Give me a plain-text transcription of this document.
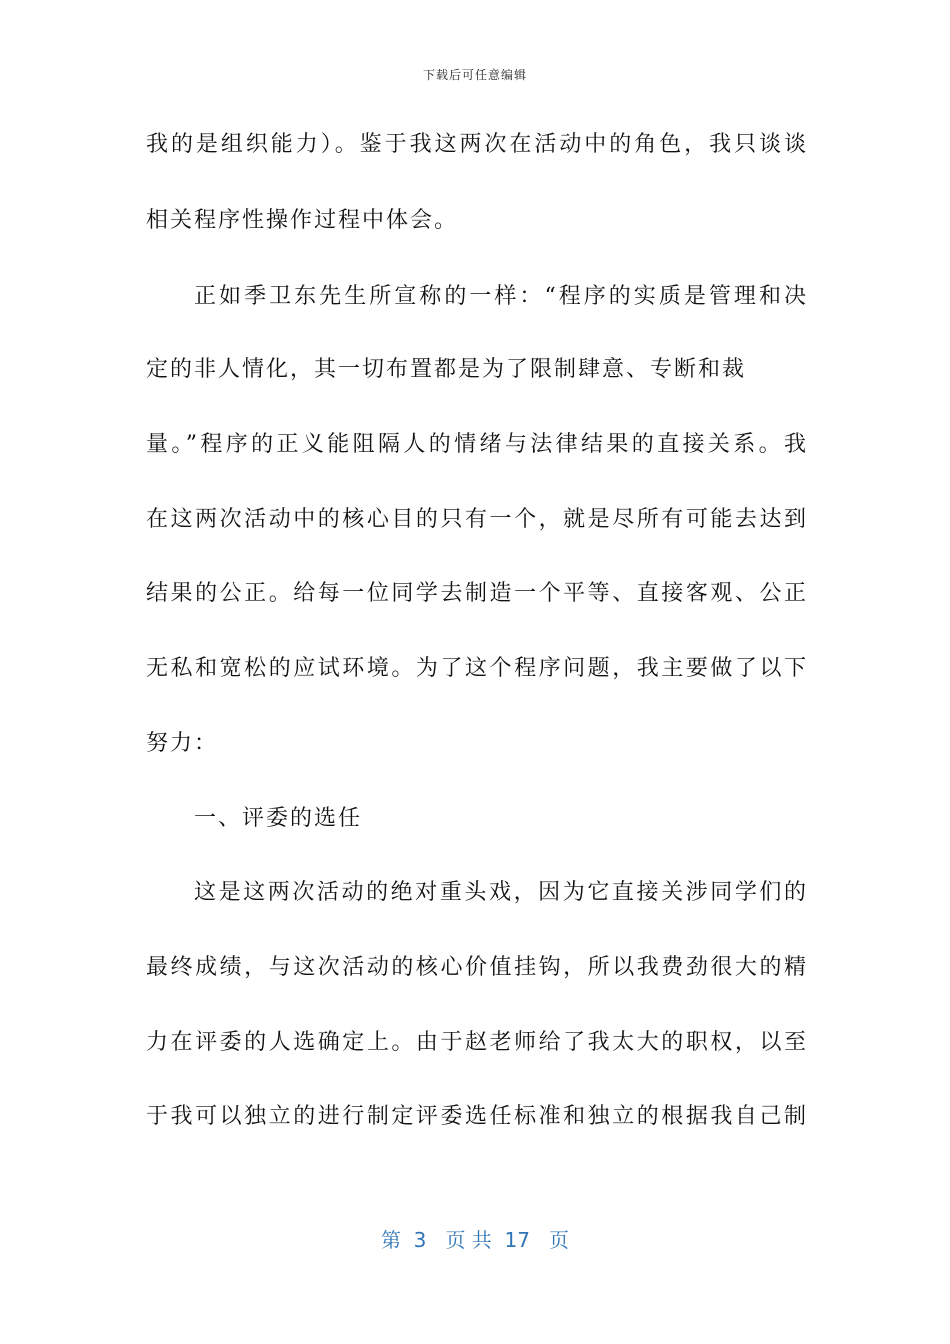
下载后可任意编辑
我的是组织能力）。鉴于我这两次在活动中的角色，我只谈谈
相关程序性操作过程中体会。
正如季卫东先生所宣称的一样：“程序的实质是管理和决
定的非人情化，其一切布置都是为了限制肆意、专断和裁
量。”程序的正义能阻隔人的情绪与法律结果的直接关系。我
在这两次活动中的核心目的只有一个，就是尽所有可能去达到
结果的公正。给每一位同学去制造一个平等、直接客观、公正
无私和宽松的应试环境。为了这个程序问题，我主要做了以下
努力：
一、评委的选任
这是这两次活动的绝对重头戏，因为它直接关涉同学们的
最终成绩，与这次活动的核心价值挂钩，所以我费劲很大的精
力在评委的人选确定上。由于赵老师给了我太大的职权，以至
于我可以独立的进行制定评委选任标准和独立的根据我自己制
第  3   页 共  17   页
